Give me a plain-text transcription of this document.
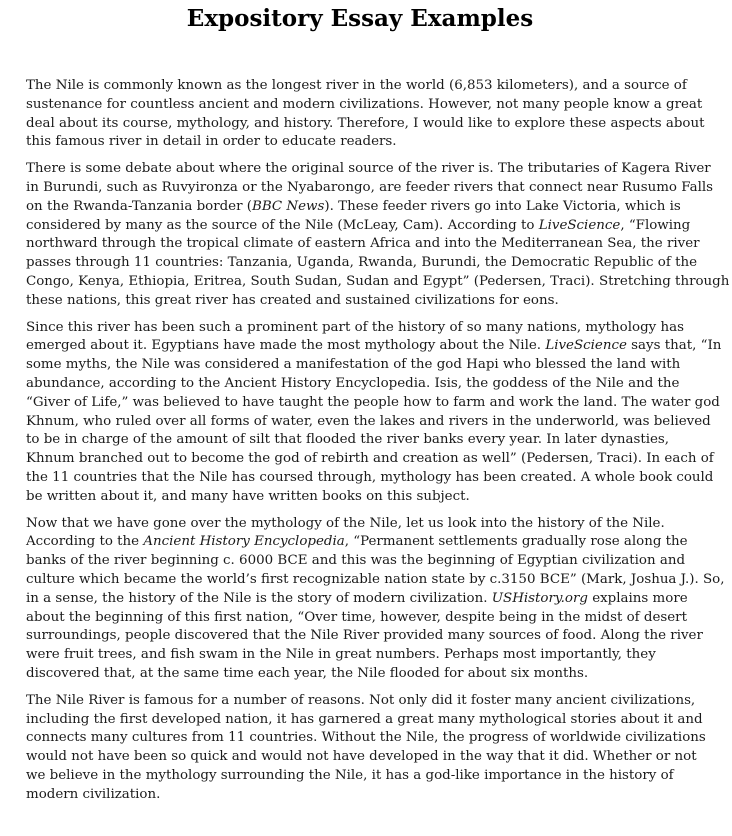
Expository Essay Examples

The Nile is commonly known as the longest river in the world (6,853 kilometers), and a source of
sustenance for countless ancient and modern civilizations. However, not many people know a great
deal about its course, mythology, and history. Therefore, I would like to explore these aspects about
this famous river in detail in order to educate readers.

There is some debate about where the original source of the river is. The tributaries of Kagera River
in Burundi, such as Ruvyironza or the Nyabarongo, are feeder rivers that connect near Rusumo Falls
on the Rwanda-Tanzania border (BBC News). These feeder rivers go into Lake Victoria, which is
considered by many as the source of the Nile (McLeay, Cam). According to LiveScience, “Flowing
northward through the tropical climate of eastern Africa and into the Mediterranean Sea, the river
passes through 11 countries: Tanzania, Uganda, Rwanda, Burundi, the Democratic Republic of the
Congo, Kenya, Ethiopia, Eritrea, South Sudan, Sudan and Egypt” (Pedersen, Traci). Stretching through
these nations, this great river has created and sustained civilizations for eons.

Since this river has been such a prominent part of the history of so many nations, mythology has
emerged about it. Egyptians have made the most mythology about the Nile. LiveScience says that, “In
some myths, the Nile was considered a manifestation of the god Hapi who blessed the land with
abundance, according to the Ancient History Encyclopedia. Isis, the goddess of the Nile and the
“Giver of Life,” was believed to have taught the people how to farm and work the land. The water god
Khnum, who ruled over all forms of water, even the lakes and rivers in the underworld, was believed
to be in charge of the amount of silt that flooded the river banks every year. In later dynasties,
Khnum branched out to become the god of rebirth and creation as well” (Pedersen, Traci). In each of
the 11 countries that the Nile has coursed through, mythology has been created. A whole book could
be written about it, and many have written books on this subject.

Now that we have gone over the mythology of the Nile, let us look into the history of the Nile.
According to the Ancient History Encyclopedia, “Permanent settlements gradually rose along the
banks of the river beginning c. 6000 BCE and this was the beginning of Egyptian civilization and
culture which became the world’s first recognizable nation state by c.3150 BCE” (Mark, Joshua J.). So,
in a sense, the history of the Nile is the story of modern civilization. USHistory.org explains more
about the beginning of this first nation, “Over time, however, despite being in the midst of desert
surroundings, people discovered that the Nile River provided many sources of food. Along the river
were fruit trees, and fish swam in the Nile in great numbers. Perhaps most importantly, they
discovered that, at the same time each year, the Nile flooded for about six months.

The Nile River is famous for a number of reasons. Not only did it foster many ancient civilizations,
including the first developed nation, it has garnered a great many mythological stories about it and
connects many cultures from 11 countries. Without the Nile, the progress of worldwide civilizations
would not have been so quick and would not have developed in the way that it did. Whether or not
we believe in the mythology surrounding the Nile, it has a god-like importance in the history of
modern civilization.
